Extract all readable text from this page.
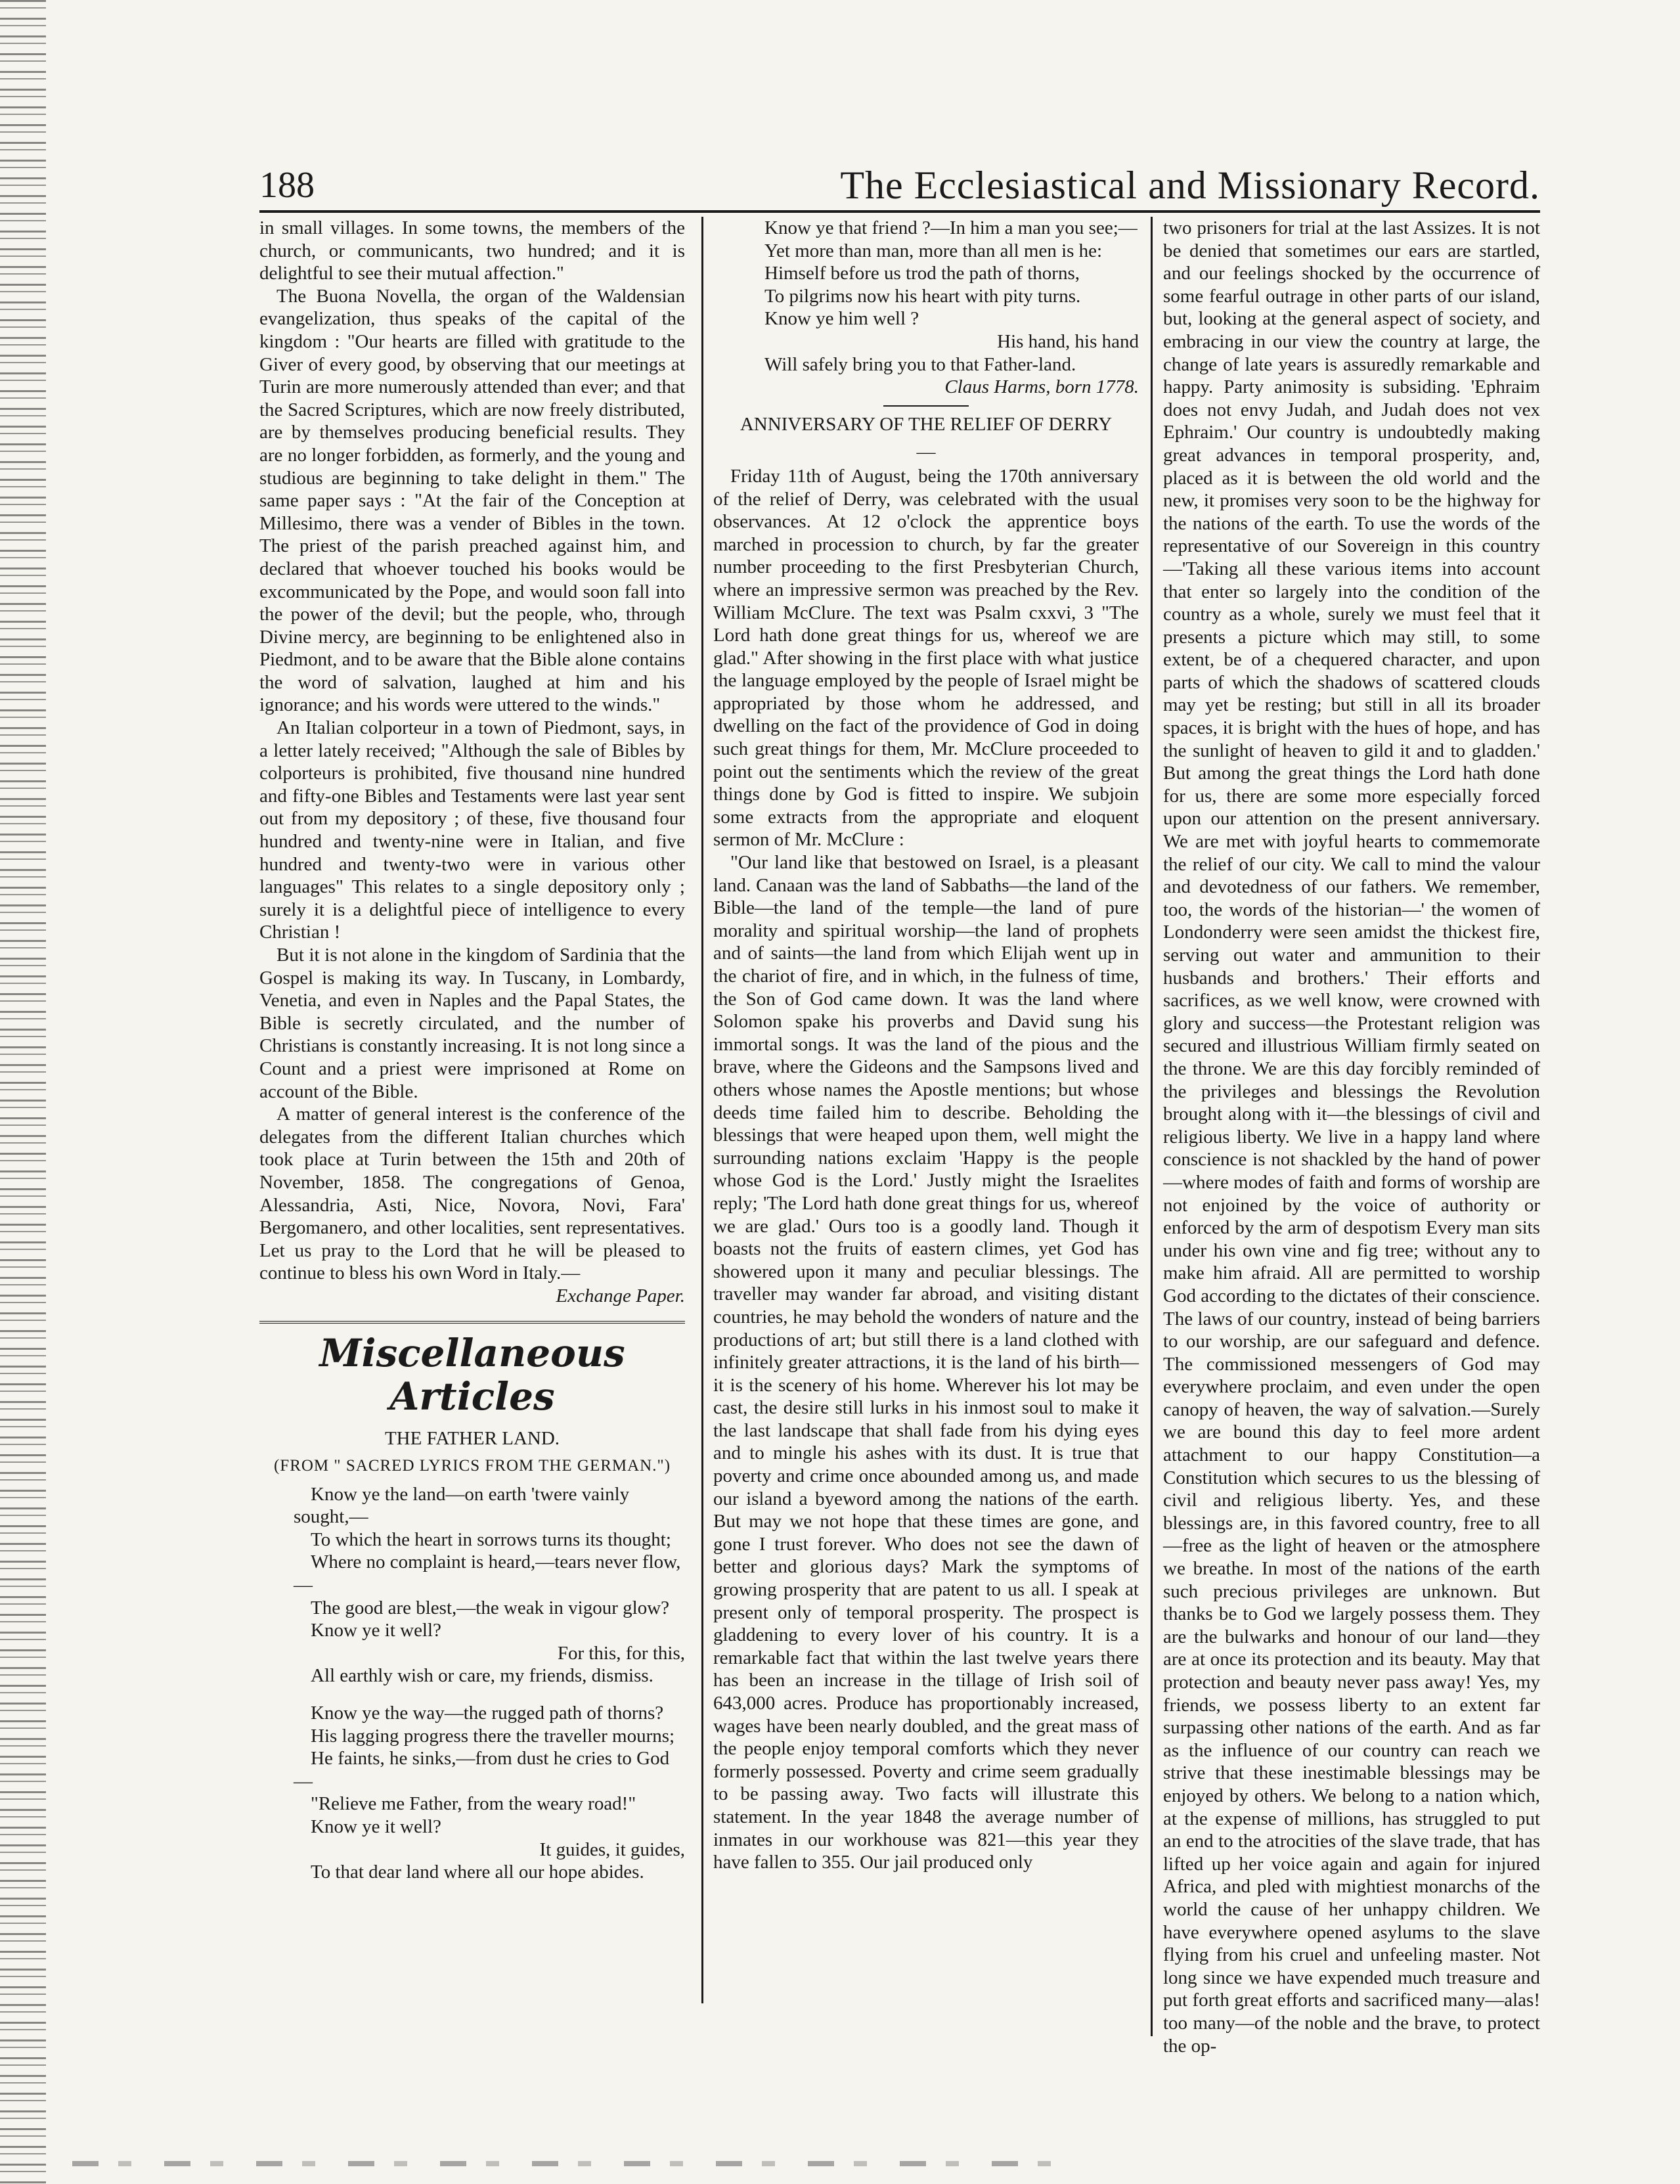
188	The Ecclesiastical and Missionary Record.

in small villages. In some towns, the members of the church, or communicants, two hundred; and it is delightful to see their mutual affection."

The Buona Novella, the organ of the Waldensian evangelization, thus speaks of the capital of the kingdom : "Our hearts are filled with gratitude to the Giver of every good, by observing that our meetings at Turin are more numerously attended than ever; and that the Sacred Scriptures, which are now freely distributed, are by themselves producing beneficial results. They are no longer forbidden, as formerly, and the young and studious are beginning to take delight in them." The same paper says : "At the fair of the Conception at Millesimo, there was a vender of Bibles in the town. The priest of the parish preached against him, and declared that whoever touched his books would be excommunicated by the Pope, and would soon fall into the power of the devil; but the people, who, through Divine mercy, are beginning to be enlightened also in Piedmont, and to be aware that the Bible alone contains the word of salvation, laughed at him and his ignorance; and his words were uttered to the winds."

An Italian colporteur in a town of Piedmont, says, in a letter lately received; "Although the sale of Bibles by colporteurs is prohibited, five thousand nine hundred and fifty-one Bibles and Testaments were last year sent out from my depository ; of these, five thousand four hundred and twenty-nine were in Italian, and five hundred and twenty-two were in various other languages" This relates to a single depository only ; surely it is a delightful piece of intelligence to every Christian !

But it is not alone in the kingdom of Sardinia that the Gospel is making its way. In Tuscany, in Lombardy, Venetia, and even in Naples and the Papal States, the Bible is secretly circulated, and the number of Christians is constantly increasing. It is not long since a Count and a priest were imprisoned at Rome on account of the Bible.

A matter of general interest is the conference of the delegates from the different Italian churches which took place at Turin between the 15th and 20th of November, 1858. The congregations of Genoa, Alessandria, Asti, Nice, Novora, Novi, Fara' Bergomanero, and other localities, sent representatives. Let us pray to the Lord that he will be pleased to continue to bless his own Word in Italy.—

Exchange Paper.

Miscellaneous Articles
THE FATHER LAND.
(FROM " SACRED LYRICS FROM THE GERMAN.")

Know ye the land—on earth 'twere vainly sought,—

To which the heart in sorrows turns its thought;

Where no complaint is heard,—tears never flow,—

The good are blest,—the weak in vigour glow?

Know ye it well?

For this, for this,

All earthly wish or care, my friends, dismiss.

Know ye the way—the rugged path of thorns?

His lagging progress there the traveller mourns;

He faints, he sinks,—from dust he cries to God—

"Relieve me Father, from the weary road!"

Know ye it well?

It guides, it guides,

To that dear land where all our hope abides.

Know ye that friend ?—In him a man you see;—

Yet more than man, more than all men is he:

Himself before us trod the path of thorns,

To pilgrims now his heart with pity turns.

Know ye him well ?

His hand, his hand

Will safely bring you to that Father-land.

Claus Harms, born 1778.

ANNIVERSARY OF THE RELIEF OF DERRY
—

Friday 11th of August, being the 170th anniversary of the relief of Derry, was celebrated with the usual observances. At 12 o'clock the apprentice boys marched in procession to church, by far the greater number proceeding to the first Presbyterian Church, where an impressive sermon was preached by the Rev. William McClure. The text was Psalm cxxvi, 3 "The Lord hath done great things for us, whereof we are glad." After showing in the first place with what justice the language employed by the people of Israel might be appropriated by those whom he addressed, and dwelling on the fact of the providence of God in doing such great things for them, Mr. McClure proceeded to point out the sentiments which the review of the great things done by God is fitted to inspire. We subjoin some extracts from the appropriate and eloquent sermon of Mr. McClure :

"Our land like that bestowed on Israel, is a pleasant land. Canaan was the land of Sabbaths—the land of the Bible—the land of the temple—the land of pure morality and spiritual worship—the land of prophets and of saints—the land from which Elijah went up in the chariot of fire, and in which, in the fulness of time, the Son of God came down. It was the land where Solomon spake his proverbs and David sung his immortal songs. It was the land of the pious and the brave, where the Gideons and the Sampsons lived and others whose names the Apostle mentions; but whose deeds time failed him to describe. Beholding the blessings that were heaped upon them, well might the surrounding nations exclaim 'Happy is the people whose God is the Lord.' Justly might the Israelites reply; 'The Lord hath done great things for us, whereof we are glad.' Ours too is a goodly land. Though it boasts not the fruits of eastern climes, yet God has showered upon it many and peculiar blessings. The traveller may wander far abroad, and visiting distant countries, he may behold the wonders of nature and the productions of art; but still there is a land clothed with infinitely greater attractions, it is the land of his birth—it is the scenery of his home. Wherever his lot may be cast, the desire still lurks in his inmost soul to make it the last landscape that shall fade from his dying eyes and to mingle his ashes with its dust. It is true that poverty and crime once abounded among us, and made our island a byeword among the nations of the earth. But may we not hope that these times are gone, and gone I trust forever. Who does not see the dawn of better and glorious days? Mark the symptoms of growing prosperity that are patent to us all. I speak at present only of temporal prosperity. The prospect is gladdening to every lover of his country. It is a remarkable fact that within the last twelve years there has been an increase in the tillage of Irish soil of 643,000 acres. Produce has proportionably increased, wages have been nearly doubled, and the great mass of the people enjoy temporal comforts which they never formerly possessed. Poverty and crime seem gradually to be passing away. Two facts will illustrate this statement. In the year 1848 the average number of inmates in our workhouse was 821—this year they have fallen to 355. Our jail produced only

two prisoners for trial at the last Assizes. It is not be denied that sometimes our ears are startled, and our feelings shocked by the occurrence of some fearful outrage in other parts of our island, but, looking at the general aspect of society, and embracing in our view the country at large, the change of late years is assuredly remarkable and happy. Party animosity is subsiding. 'Ephraim does not envy Judah, and Judah does not vex Ephraim.' Our country is undoubtedly making great advances in temporal prosperity, and, placed as it is between the old world and the new, it promises very soon to be the highway for the nations of the earth. To use the words of the representative of our Sovereign in this country —'Taking all these various items into account that enter so largely into the condition of the country as a whole, surely we must feel that it presents a picture which may still, to some extent, be of a chequered character, and upon parts of which the shadows of scattered clouds may yet be resting; but still in all its broader spaces, it is bright with the hues of hope, and has the sunlight of heaven to gild it and to gladden.' But among the great things the Lord hath done for us, there are some more especially forced upon our attention on the present anniversary. We are met with joyful hearts to commemorate the relief of our city. We call to mind the valour and devotedness of our fathers. We remember, too, the words of the historian—' the women of Londonderry were seen amidst the thickest fire, serving out water and ammunition to their husbands and brothers.' Their efforts and sacrifices, as we well know, were crowned with glory and success—the Protestant religion was secured and illustrious William firmly seated on the throne. We are this day forcibly reminded of the privileges and blessings the Revolution brought along with it—the blessings of civil and religious liberty. We live in a happy land where conscience is not shackled by the hand of power—where modes of faith and forms of worship are not enjoined by the voice of authority or enforced by the arm of despotism Every man sits under his own vine and fig tree; without any to make him afraid. All are permitted to worship God according to the dictates of their conscience. The laws of our country, instead of being barriers to our worship, are our safeguard and defence. The commissioned messengers of God may everywhere proclaim, and even under the open canopy of heaven, the way of salvation.—Surely we are bound this day to feel more ardent attachment to our happy Constitution—a Constitution which secures to us the blessing of civil and religious liberty. Yes, and these blessings are, in this favored country, free to all—free as the light of heaven or the atmosphere we breathe. In most of the nations of the earth such precious privileges are unknown. But thanks be to God we largely possess them. They are the bulwarks and honour of our land—they are at once its protection and its beauty. May that protection and beauty never pass away! Yes, my friends, we possess liberty to an extent far surpassing other nations of the earth. And as far as the influence of our country can reach we strive that these inestimable blessings may be enjoyed by others. We belong to a nation which, at the expense of millions, has struggled to put an end to the atrocities of the slave trade, that has lifted up her voice again and again for injured Africa, and pled with mightiest monarchs of the world the cause of her unhappy children. We have everywhere opened asylums to the slave flying from his cruel and unfeeling master. Not long since we have expended much treasure and put forth great efforts and sacrificed many—alas! too many—of the noble and the brave, to protect the op-
